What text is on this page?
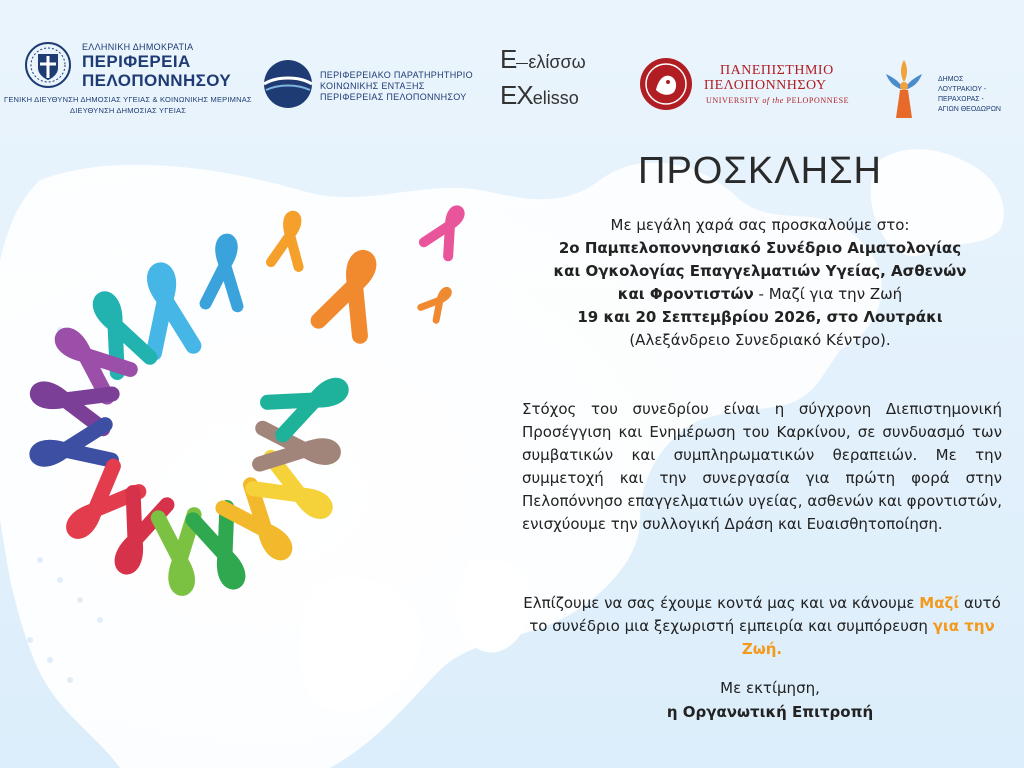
ΕΛΛΗΝΙΚΗ ΔΗΜΟΚΡΑΤΙΑ
ΠΕΡΙΦΕΡΕΙΑ
ΠΕΛΟΠΟΝΝΗΣΟΥ
ΓΕΝΙΚΗ ΔΙΕΥΘΥΝΣΗ ΔΗΜΟΣΙΑΣ ΥΓΕΙΑΣ & ΚΟΙΝΩΝΙΚΗΣ ΜΕΡΙΜΝΑΣ
ΔΙΕΥΘΥΝΣΗ ΔΗΜΟΣΙΑΣ ΥΓΕΙΑΣ
ΠΕΡΙΦΕΡΕΙΑΚΟ ΠΑΡΑΤΗΡΗΤΗΡΙΟ
ΚΟΙΝΩΝΙΚΗΣ ΕΝΤΑΞΗΣ
ΠΕΡΙΦΕΡΕΙΑΣ ΠΕΛΟΠΟΝΝΗΣΟΥ
Ε ελίσσω
EXelisso
ΠΑΝΕΠΙΣΤΗΜΙΟ
ΠΕΛΟΠΟΝΝΗΣΟΥ
UNIVERSITY of the PELOPONNESE
ΔΗΜΟΣ
ΛΟΥΤΡΑΚΙΟΥ -
ΠΕΡΑΧΩΡΑΣ -
ΑΓΙΩΝ ΘΕΟΔΩΡΩΝ
ΠΡΟΣΚΛΗΣΗ
Με μεγάλη χαρά σας προσκαλούμε στο:
2ο Παμπελοποννησιακό Συνέδριο Αιματολογίας
και Ογκολογίας Επαγγελματιών Υγείας, Ασθενών
και Φροντιστών - Μαζί για την Ζωή
19 και 20 Σεπτεμβρίου 2026, στο Λουτράκι
(Αλεξάνδρειο Συνεδριακό Κέντρο).
Στόχος του συνεδρίου είναι η σύγχρονη Διεπιστημονική Προσέγγιση και Ενημέρωση του Καρκίνου, σε συνδυασμό των συμβατικών και συμπληρωματικών θεραπειών. Με την συμμετοχή και την συνεργασία για πρώτη φορά στην Πελοπόννησο επαγγελματιών υγείας, ασθενών και φροντιστών, ενισχύουμε την συλλογική Δράση και Ευαισθητοποίηση.
Ελπίζουμε να σας έχουμε κοντά μας και να κάνουμε Μαζί αυτό το συνέδριο μια ξεχωριστή εμπειρία και συμπόρευση για την Ζωή.
Με εκτίμηση,
η Οργανωτική Επιτροπή
